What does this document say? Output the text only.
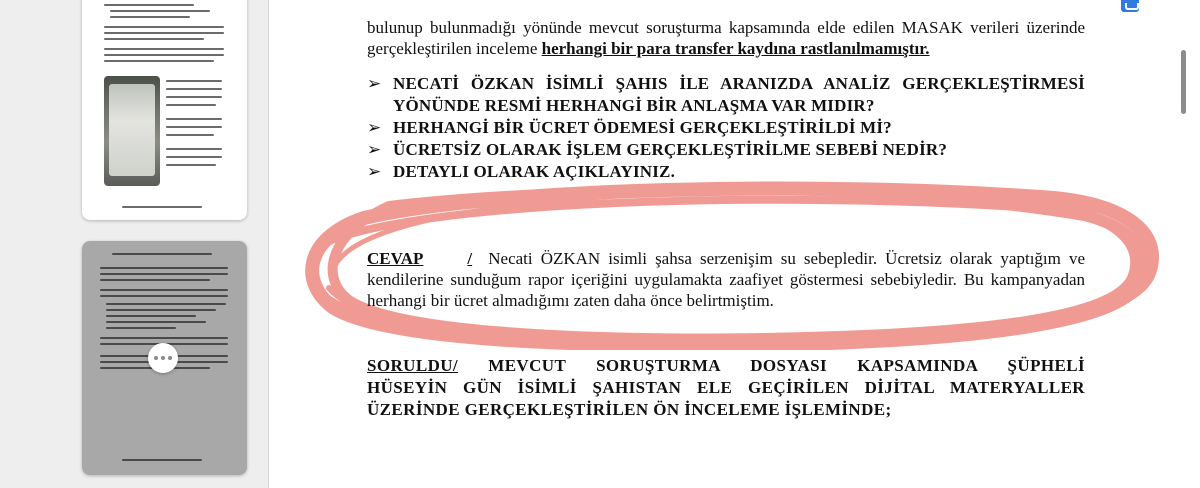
bulunup bulunmadığı yönünde mevcut soruşturma kapsamında elde edilen MASAK verileri üzerinde gerçekleştirilen inceleme herhangi bir para transfer kaydına rastlanılmamıştır.

➢ NECATİ ÖZKAN İSİMLİ ŞAHIS İLE ARANIZDA ANALİZ GERÇEKLEŞTİRMESİ YÖNÜNDE RESMİ HERHANGİ BİR ANLAŞMA VAR MIDIR?
➢ HERHANGİ BİR ÜCRET ÖDEMESİ GERÇEKLEŞTİRİLDİ Mİ?
➢ ÜCRETSİZ OLARAK İŞLEM GERÇEKLEŞTİRİLME SEBEBİ NEDİR?
➢ DETAYLI OLARAK AÇIKLAYINIZ.

CEVAP	/ Necati ÖZKAN isimli şahsa serzenişim su sebepledir. Ücretsiz olarak yaptığım ve kendilerine sunduğum rapor içeriğini uygulamakta zaafiyet göstermesi sebebiyledir. Bu kampanyadan herhangi bir ücret almadığımı zaten daha önce belirtmiştim.

SORULDU/ MEVCUT SORUŞTURMA DOSYASI KAPSAMINDA ŞÜPHELİ
HÜSEYİN GÜN İSİMLİ ŞAHISTAN ELE GEÇİRİLEN DİJİTAL MATERYALLER
ÜZERİNDE GERÇEKLEŞTİRİLEN ÖN İNCELEME İŞLEMİNDE;
